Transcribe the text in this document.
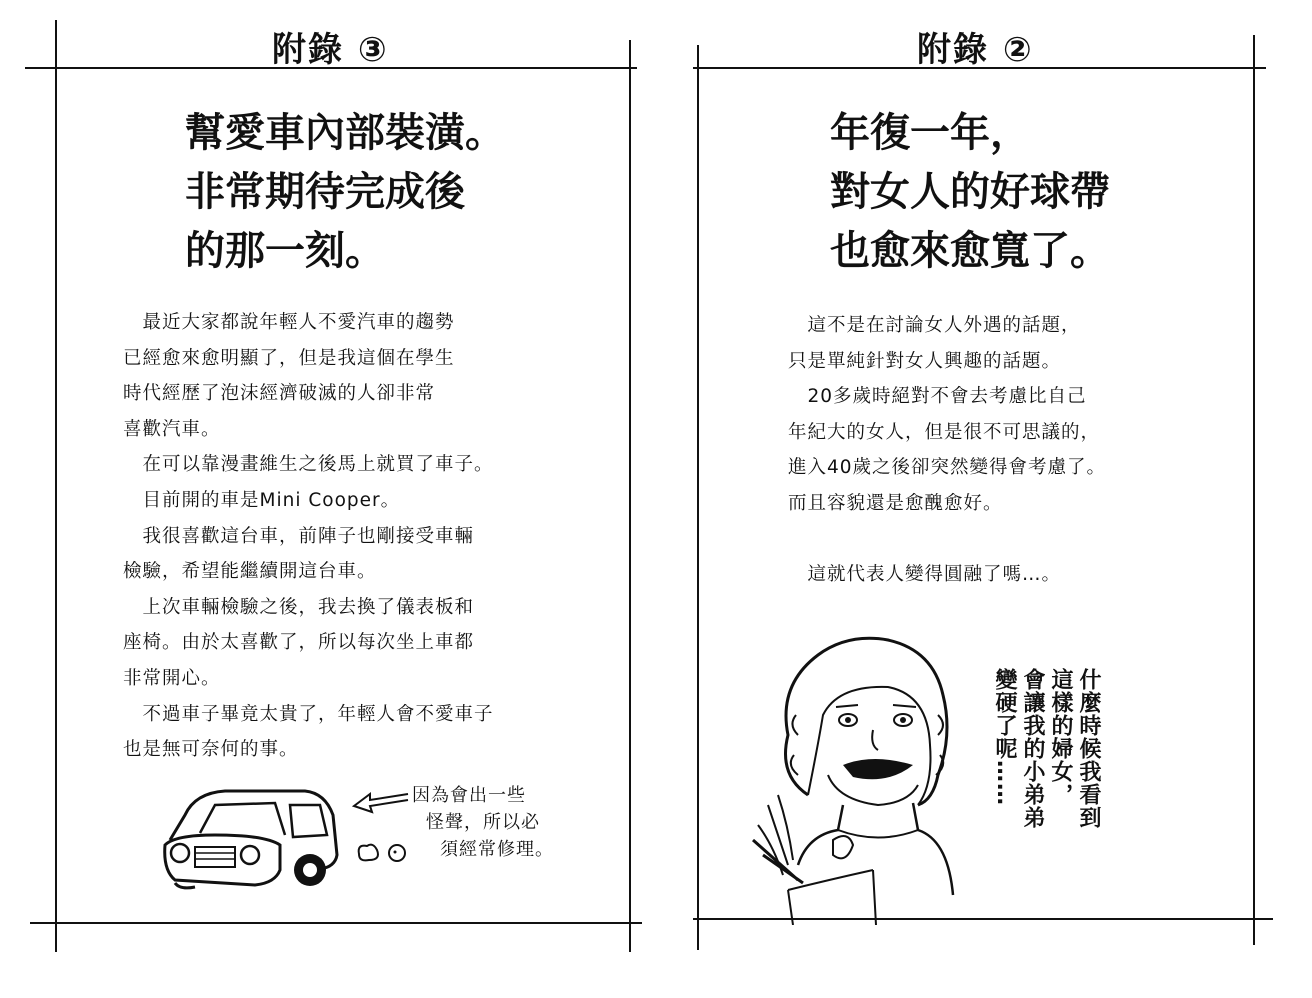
附錄 ③
幫愛車內部裝潢。
非常期待完成後
的那一刻。
　最近大家都說年輕人不愛汽車的趨勢
已經愈來愈明顯了，但是我這個在學生
時代經歷了泡沫經濟破滅的人卻非常
喜歡汽車。
　在可以靠漫畫維生之後馬上就買了車子。
　目前開的車是Mini Cooper。
　我很喜歡這台車，前陣子也剛接受車輛
檢驗，希望能繼續開這台車。
　上次車輛檢驗之後，我去換了儀表板和
座椅。由於太喜歡了，所以每次坐上車都
非常開心。
　不過車子畢竟太貴了，年輕人會不愛車子
也是無可奈何的事。
因為會出一些
怪聲，所以必
須經常修理。
附錄 ②
年復一年，
對女人的好球帶
也愈來愈寬了。
　這不是在討論女人外遇的話題，
只是單純針對女人興趣的話題。
　20多歲時絕對不會去考慮比自己
年紀大的女人，但是很不可思議的，
進入40歲之後卻突然變得會考慮了。
而且容貌還是愈醜愈好。
　這就代表人變得圓融了嗎…。
什麼時候我看到
這樣的婦女，
會讓我的小弟弟
變硬了呢……
